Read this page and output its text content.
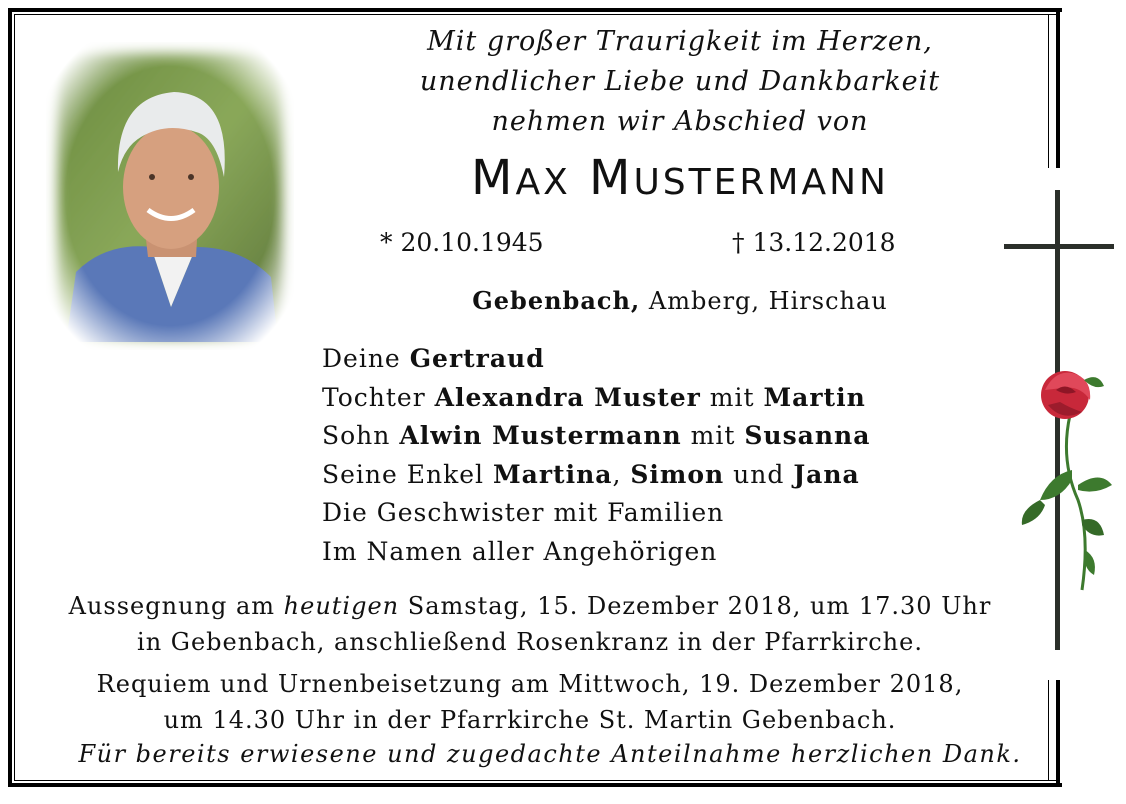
Mit großer Traurigkeit im Herzen,
unendlicher Liebe und Dankbarkeit
nehmen wir Abschied von
MAX MUSTERMANN
* 20.10.1945	† 13.12.2018
Gebenbach, Amberg, Hirschau
Deine Gertraud
Tochter Alexandra Muster mit Martin
Sohn Alwin Mustermann mit Susanna
Seine Enkel Martina, Simon und Jana
Die Geschwister mit Familien
Im Namen aller Angehörigen
Aussegnung am heutigen Samstag, 15. Dezember 2018, um 17.30 Uhr
in Gebenbach, anschließend Rosenkranz in der Pfarrkirche.
Requiem und Urnenbeisetzung am Mittwoch, 19. Dezember 2018,
um 14.30 Uhr in der Pfarrkirche St. Martin Gebenbach.
Für bereits erwiesene und zugedachte Anteilnahme herzlichen Dank.
